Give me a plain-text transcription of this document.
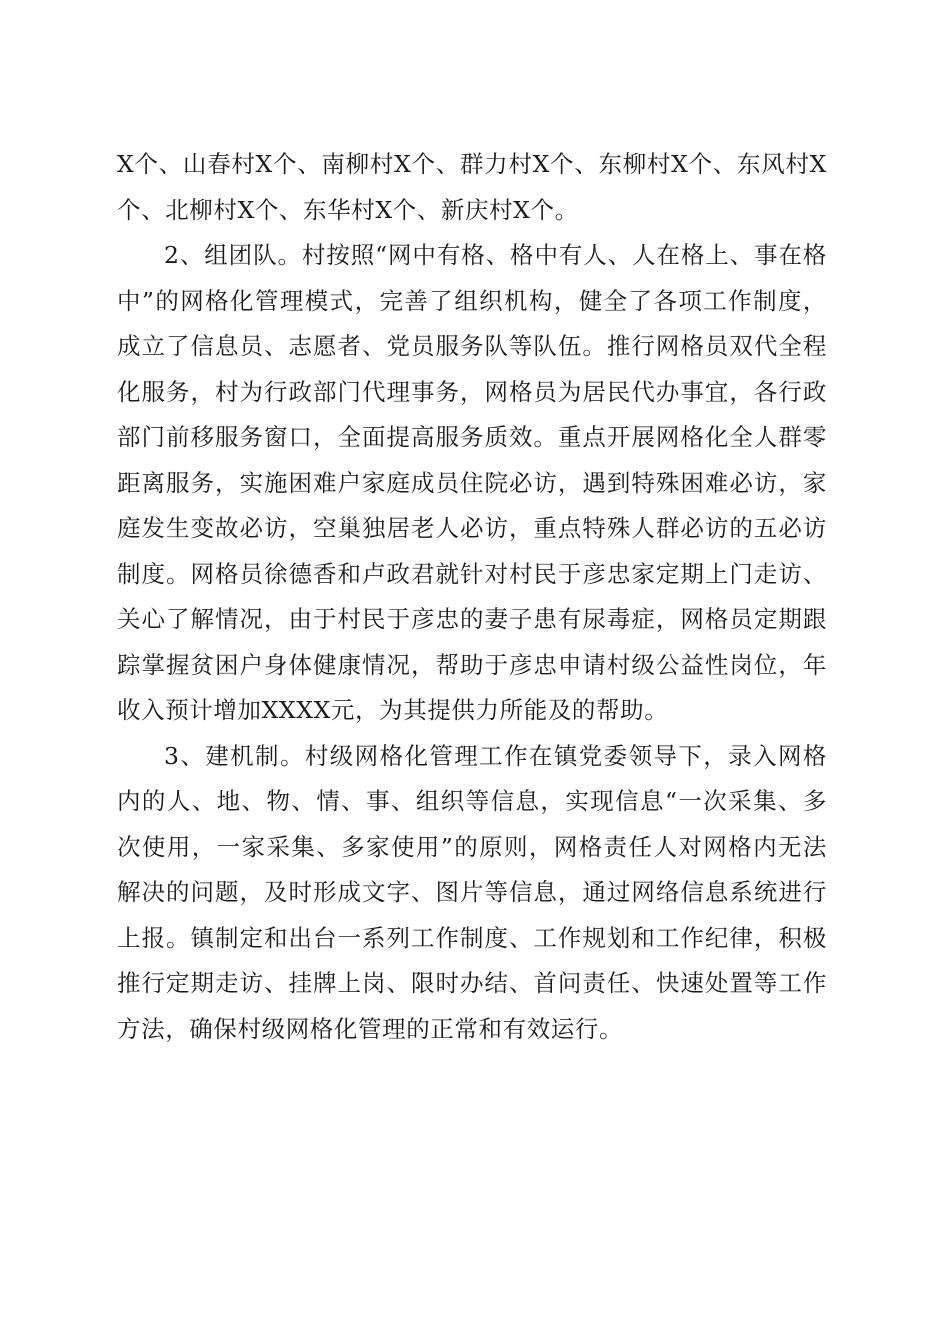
X个、山春村X个、南柳村X个、群力村X个、东柳村X个、东风村X个、北柳村X个、东华村X个、新庆村X个。

2、组团队。村按照“网中有格、格中有人、人在格上、事在格中”的网格化管理模式，完善了组织机构，健全了各项工作制度，成立了信息员、志愿者、党员服务队等队伍。推行网格员双代全程化服务，村为行政部门代理事务，网格员为居民代办事宜，各行政部门前移服务窗口，全面提高服务质效。重点开展网格化全人群零距离服务，实施困难户家庭成员住院必访，遇到特殊困难必访，家庭发生变故必访，空巢独居老人必访，重点特殊人群必访的五必访制度。网格员徐德香和卢政君就针对村民于彦忠家定期上门走访、关心了解情况，由于村民于彦忠的妻子患有尿毒症，网格员定期跟踪掌握贫困户身体健康情况，帮助于彦忠申请村级公益性岗位，年收入预计增加XXXX元，为其提供力所能及的帮助。

3、建机制。村级网格化管理工作在镇党委领导下，录入网格内的人、地、物、情、事、组织等信息，实现信息“一次采集、多次使用，一家采集、多家使用”的原则，网格责任人对网格内无法解决的问题，及时形成文字、图片等信息，通过网络信息系统进行上报。镇制定和出台一系列工作制度、工作规划和工作纪律，积极推行定期走访、挂牌上岗、限时办结、首问责任、快速处置等工作方法，确保村级网格化管理的正常和有效运行。
